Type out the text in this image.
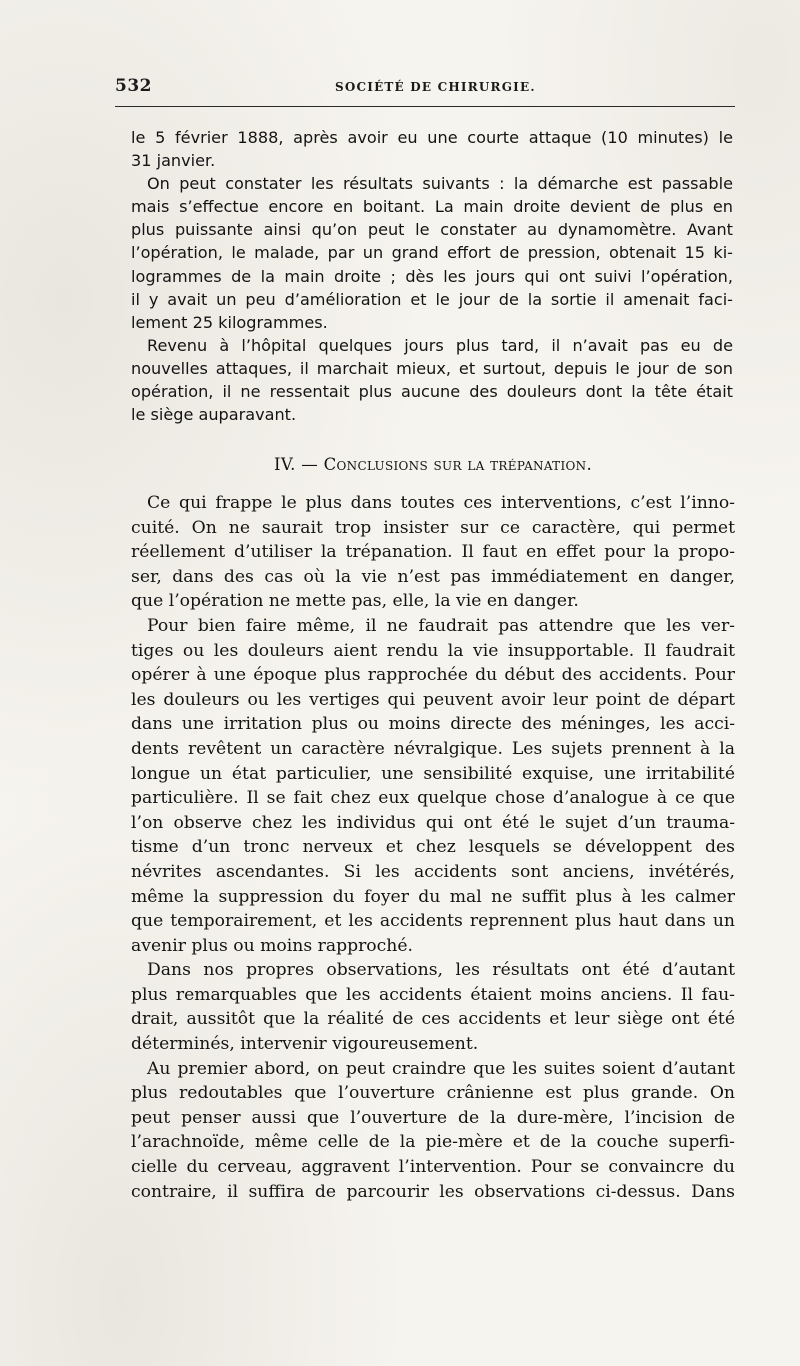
532	SOCIÉTÉ DE CHIRURGIE.
le 5 février 1888, après avoir eu une courte attaque (10 minutes) le
31 janvier.
On peut constater les résultats suivants : la démarche est passable
mais s’effectue encore en boitant. La main droite devient de plus en
plus puissante ainsi qu’on peut le constater au dynamomètre. Avant
l’opération, le malade, par un grand effort de pression, obtenait 15 ki-
logrammes de la main droite ; dès les jours qui ont suivi l’opération,
il y avait un peu d’amélioration et le jour de la sortie il amenait faci-
lement 25 kilogrammes.
Revenu à l’hôpital quelques jours plus tard, il n’avait pas eu de
nouvelles attaques, il marchait mieux, et surtout, depuis le jour de son
opération, il ne ressentait plus aucune des douleurs dont la tête était
le siège auparavant.
IV. — Conclusions sur la trépanation.
Ce qui frappe le plus dans toutes ces interventions, c’est l’inno-
cuité. On ne saurait trop insister sur ce caractère, qui permet
réellement d’utiliser la trépanation. Il faut en effet pour la propo-
ser, dans des cas où la vie n’est pas immédiatement en danger,
que l’opération ne mette pas, elle, la vie en danger.
Pour bien faire même, il ne faudrait pas attendre que les ver-
tiges ou les douleurs aient rendu la vie insupportable. Il faudrait
opérer à une époque plus rapprochée du début des accidents. Pour
les douleurs ou les vertiges qui peuvent avoir leur point de départ
dans une irritation plus ou moins directe des méninges, les acci-
dents revêtent un caractère névralgique. Les sujets prennent à la
longue un état particulier, une sensibilité exquise, une irritabilité
particulière. Il se fait chez eux quelque chose d’analogue à ce que
l’on observe chez les individus qui ont été le sujet d’un trauma-
tisme d’un tronc nerveux et chez lesquels se développent des
névrites ascendantes. Si les accidents sont anciens, invétérés,
même la suppression du foyer du mal ne suffit plus à les calmer
que temporairement, et les accidents reprennent plus haut dans un
avenir plus ou moins rapproché.
Dans nos propres observations, les résultats ont été d’autant
plus remarquables que les accidents étaient moins anciens. Il fau-
drait, aussitôt que la réalité de ces accidents et leur siège ont été
déterminés, intervenir vigoureusement.
Au premier abord, on peut craindre que les suites soient d’autant
plus redoutables que l’ouverture crânienne est plus grande. On
peut penser aussi que l’ouverture de la dure-mère, l’incision de
l’arachnoïde, même celle de la pie-mère et de la couche superfi-
cielle du cerveau, aggravent l’intervention. Pour se convaincre du
contraire, il suffira de parcourir les observations ci-dessus. Dans
